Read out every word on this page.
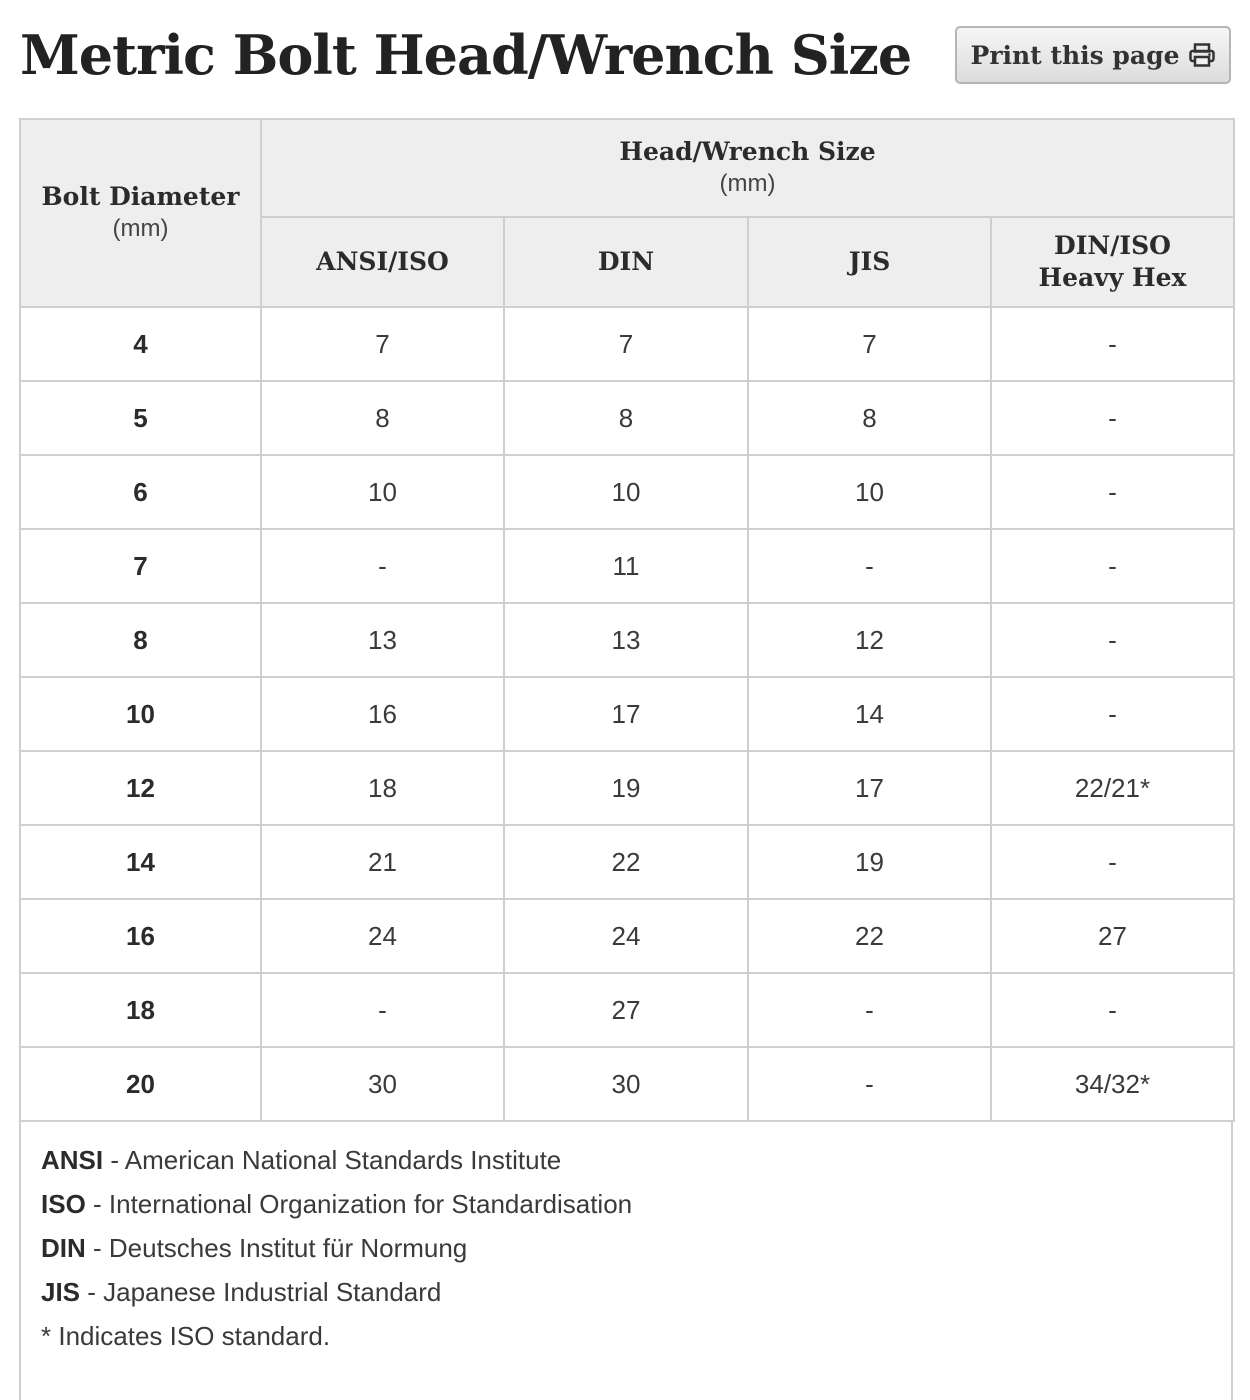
Metric Bolt Head/Wrench Size Print this page
Bolt Diameter
(mm)	Head/Wrench Size
(mm)			

	ANSI/ISO	DIN	JIS	DIN/ISO
Heavy Hex

4	7	7	7	-
5	8	8	8	-
6	10	10	10	-
7	-	11	-	-
8	13	13	12	-
10	16	17	14	-
12	18	19	17	22/21*
14	21	22	19	-
16	24	24	22	27
18	-	27	-	-
20	30	30	-	34/32*
ANSI - American National Standards Institute
ISO - International Organization for Standardisation
DIN - Deutsches Institut für Normung
JIS - Japanese Industrial Standard
* Indicates ISO standard.
